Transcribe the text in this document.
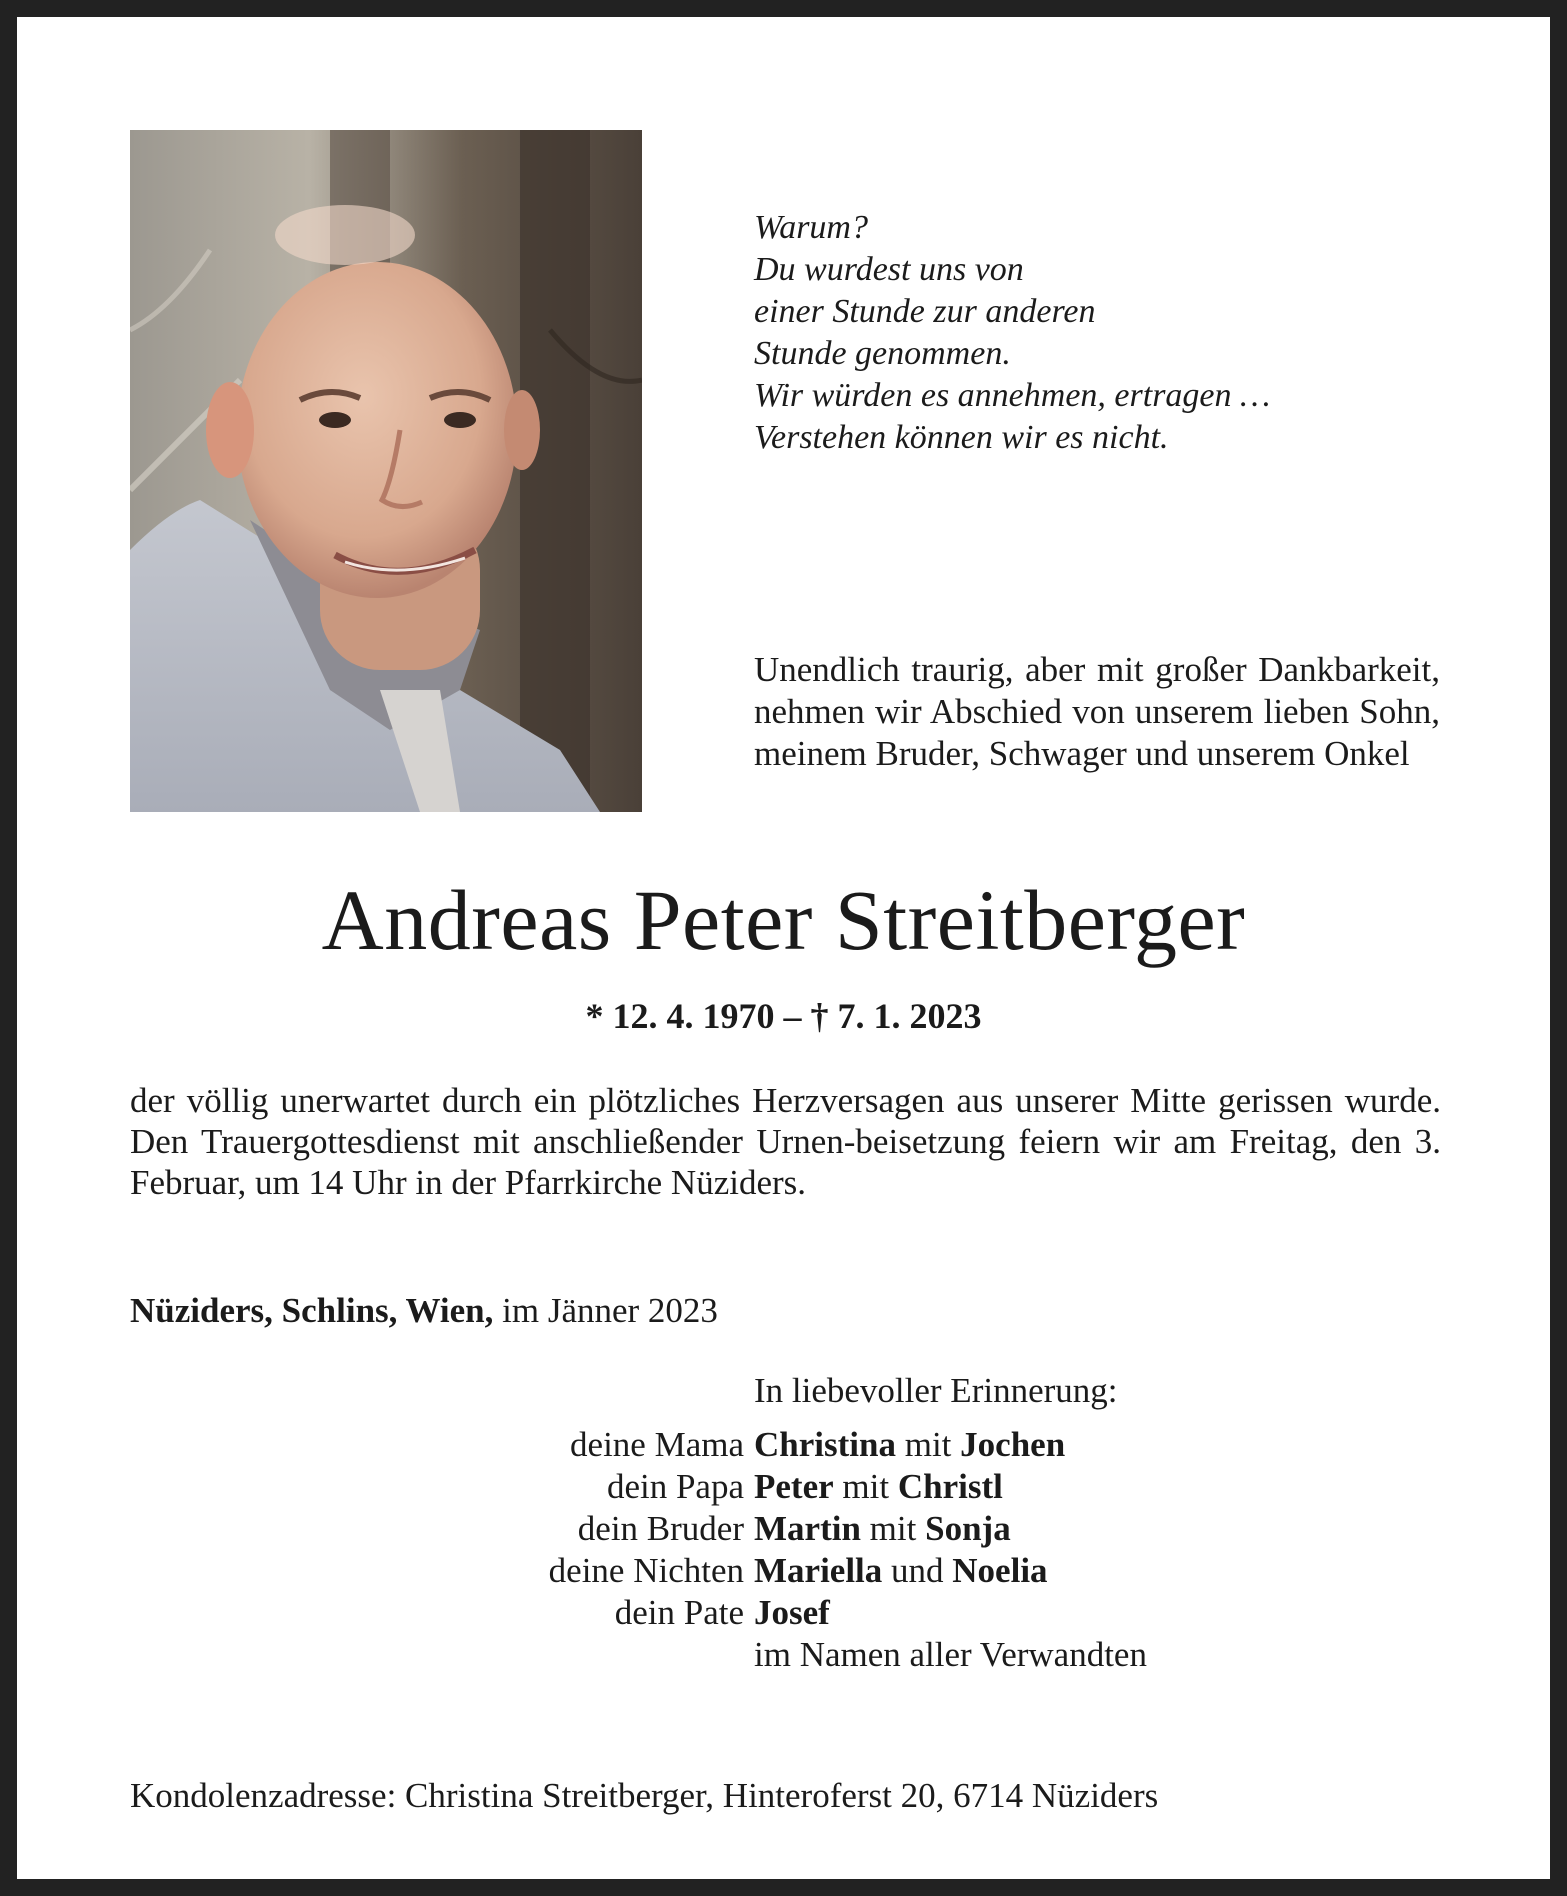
Warum?
Du wurdest uns von
einer Stunde zur anderen
Stunde genommen.
Wir würden es annehmen, ertragen …
Verstehen können wir es nicht.

Unendlich traurig, aber mit großer Dankbarkeit, nehmen wir Abschied von unserem lieben Sohn, meinem Bruder, Schwager und unserem Onkel

Andreas Peter Streitberger
* 12. 4. 1970 – † 7. 1. 2023

der völlig unerwartet durch ein plötzliches Herzversagen aus unserer Mitte gerissen wurde. Den Trauergottesdienst mit anschließender Urnen-beisetzung feiern wir am Freitag, den 3. Februar, um 14 Uhr in der Pfarrkirche Nüziders.

Nüziders, Schlins, Wien, im Jänner 2023
In liebevoller Erinnerung:
deine Mama Christina mit Jochen
dein Papa Peter mit Christl
dein Bruder Martin mit Sonja
deine Nichten Mariella und Noelia
dein Pate Josef
im Namen aller Verwandten
Kondolenzadresse: Christina Streitberger, Hinteroferst 20, 6714 Nüziders
